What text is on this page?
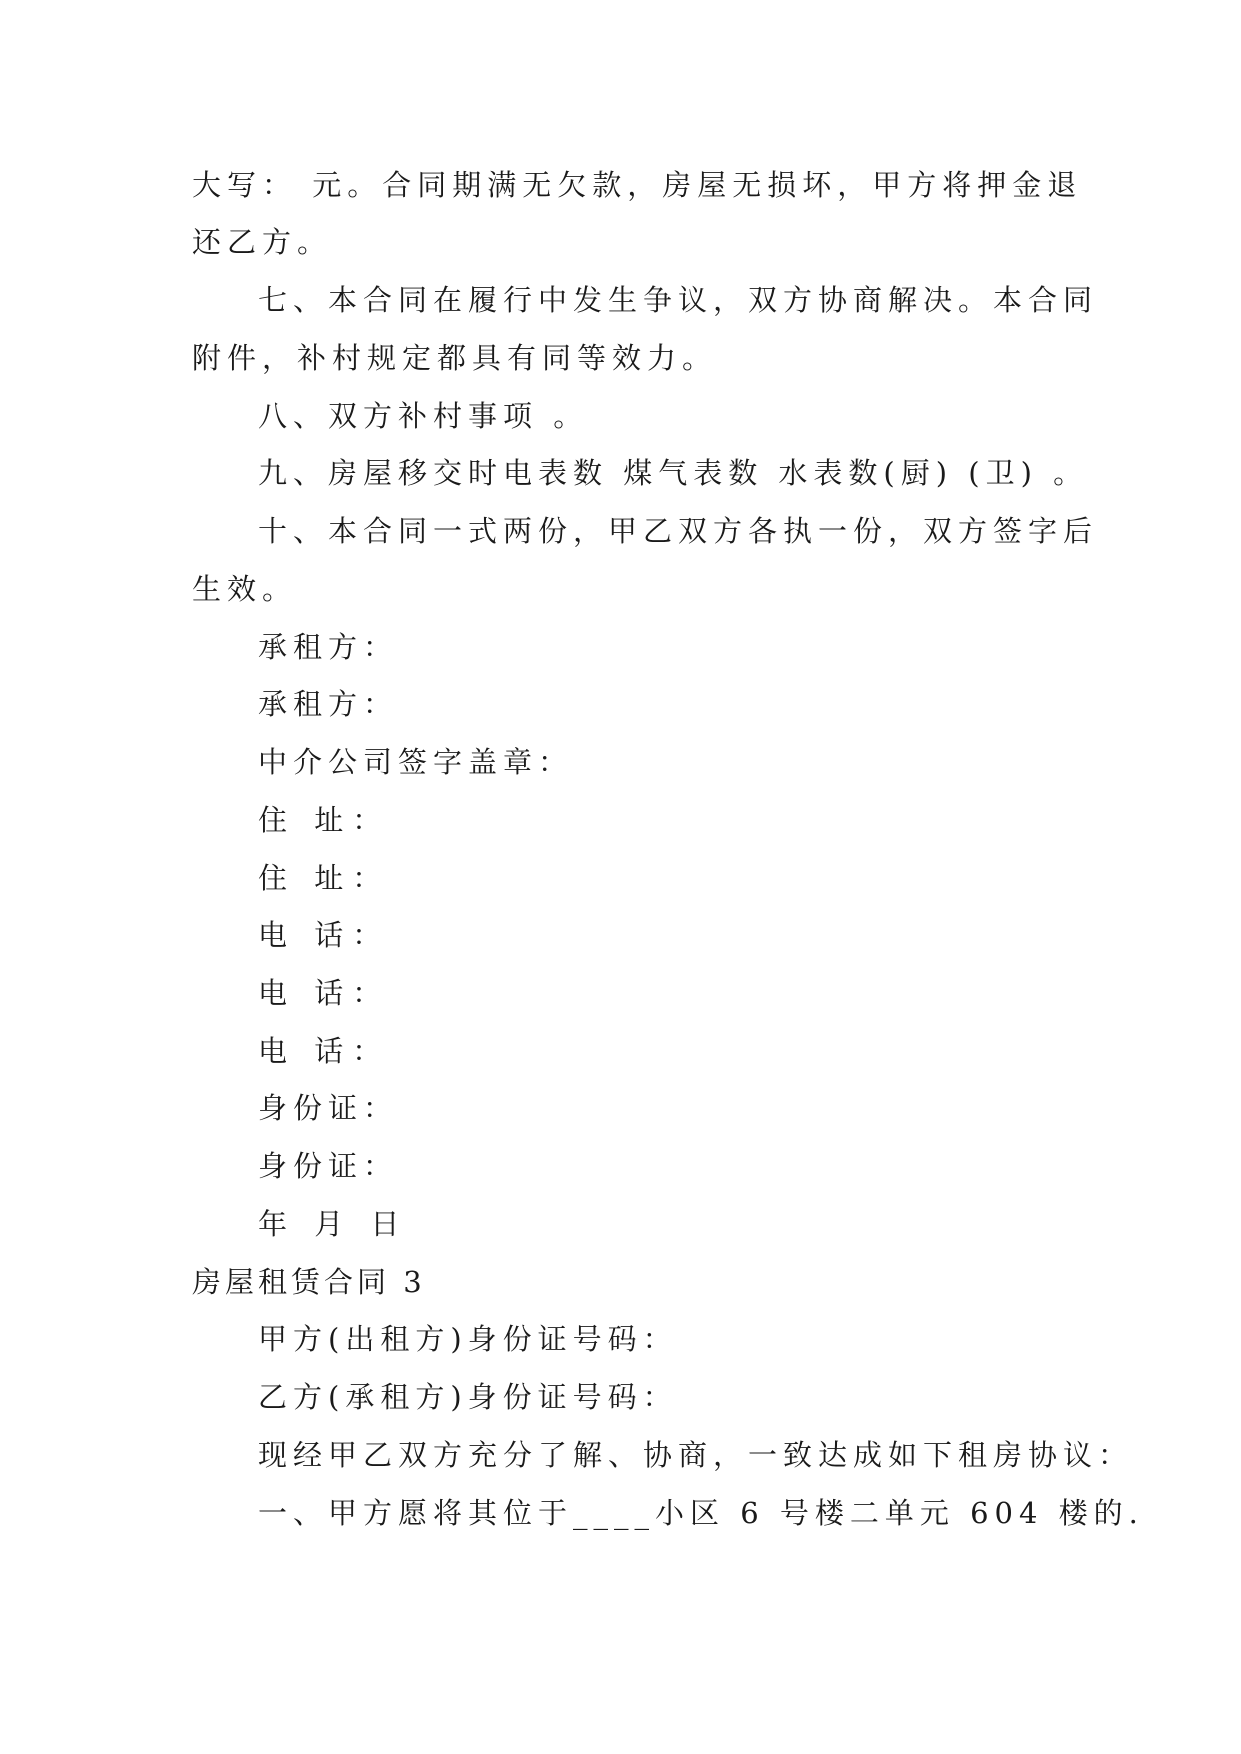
大写： 元。合同期满无欠款，房屋无损坏，甲方将押金退
还乙方。
七、本合同在履行中发生争议，双方协商解决。本合同
附件，补村规定都具有同等效力。
八、双方补村事项 。
九、房屋移交时电表数 煤气表数 水表数(厨) (卫) 。
十、本合同一式两份，甲乙双方各执一份，双方签字后
生效。
承租方：
承租方：
中介公司签字盖章：
住 址：
住 址：
电 话：
电 话：
电 话：
身份证：
身份证：
年 月 日
房屋租赁合同 3
甲方(出租方)身份证号码：
乙方(承租方)身份证号码：
现经甲乙双方充分了解、协商，一致达成如下租房协议：
一、甲方愿将其位于____小区 6 号楼二单元 604 楼的.
